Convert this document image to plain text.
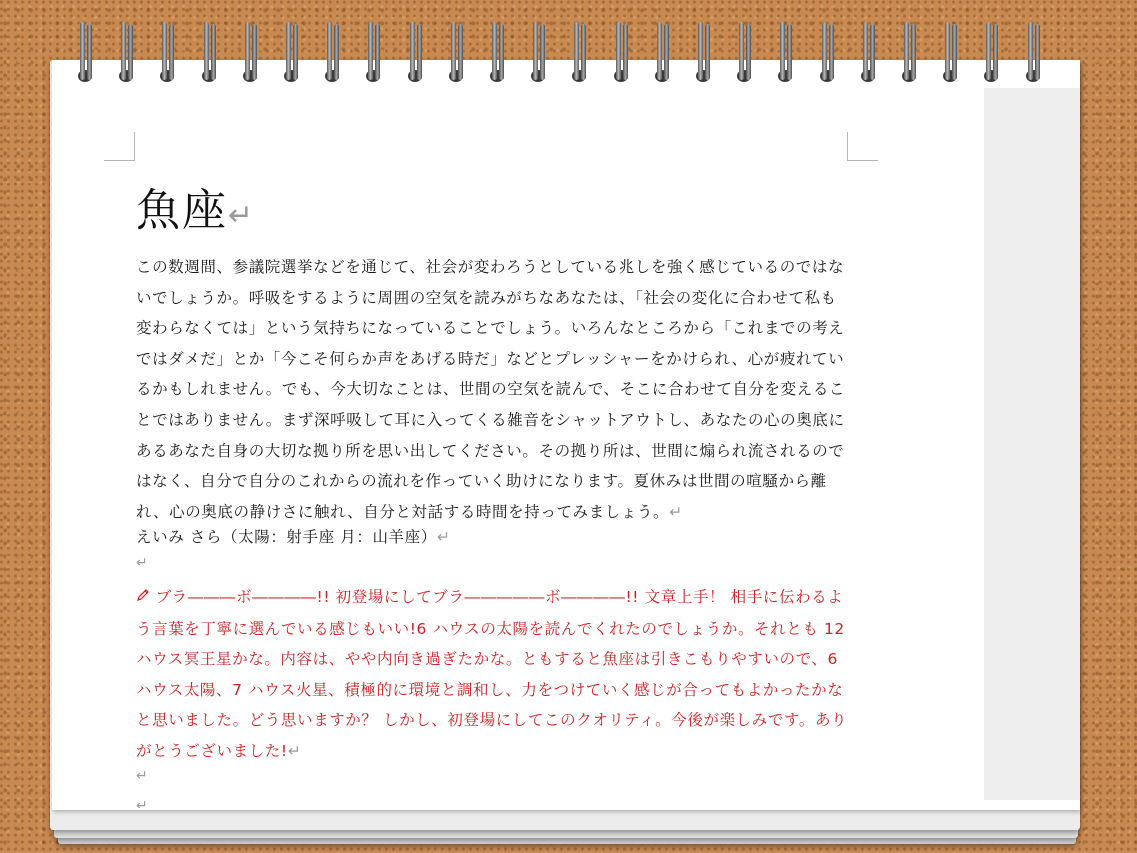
魚座↵

この数週間、参議院選挙などを通じて、社会が変わろうとしている兆しを強く感じているのではないでしょうか。呼吸をするように周囲の空気を読みがちなあなたは、「社会の変化に合わせて私も変わらなくては」という気持ちになっていることでしょう。いろんなところから「これまでの考えではダメだ」とか「今こそ何らか声をあげる時だ」などとプレッシャーをかけられ、心が疲れているかもしれません。でも、今大切なことは、世間の空気を読んで、そこに合わせて自分を変えることではありません。まず深呼吸して耳に入ってくる雑音をシャットアウトし、あなたの心の奥底にあるあなた自身の大切な拠り所を思い出してください。その拠り所は、世間に煽られ流されるのではなく、自分で自分のこれからの流れを作っていく助けになります。夏休みは世間の喧騒から離れ、心の奥底の静けさに触れ、自分と対話する時間を持ってみましょう。↵

えいみ さら（太陽：射手座 月：山羊座）↵

↵

ブラ―――ボ――――!! 初登場にしてブラ―――――ボ――――!! 文章上手！ 相手に伝わるよう言葉を丁寧に選んでいる感じもいい!6 ハウスの太陽を読んでくれたのでしょうか。それとも 12 ハウス冥王星かな。内容は、やや内向き過ぎたかな。ともすると魚座は引きこもりやすいので、6 ハウス太陽、7 ハウス火星、積極的に環境と調和し、力をつけていく感じが合ってもよかったかなと思いました。どう思いますか？ しかし、初登場にしてこのクオリティ。今後が楽しみです。ありがとうございました!↵

↵
↵
